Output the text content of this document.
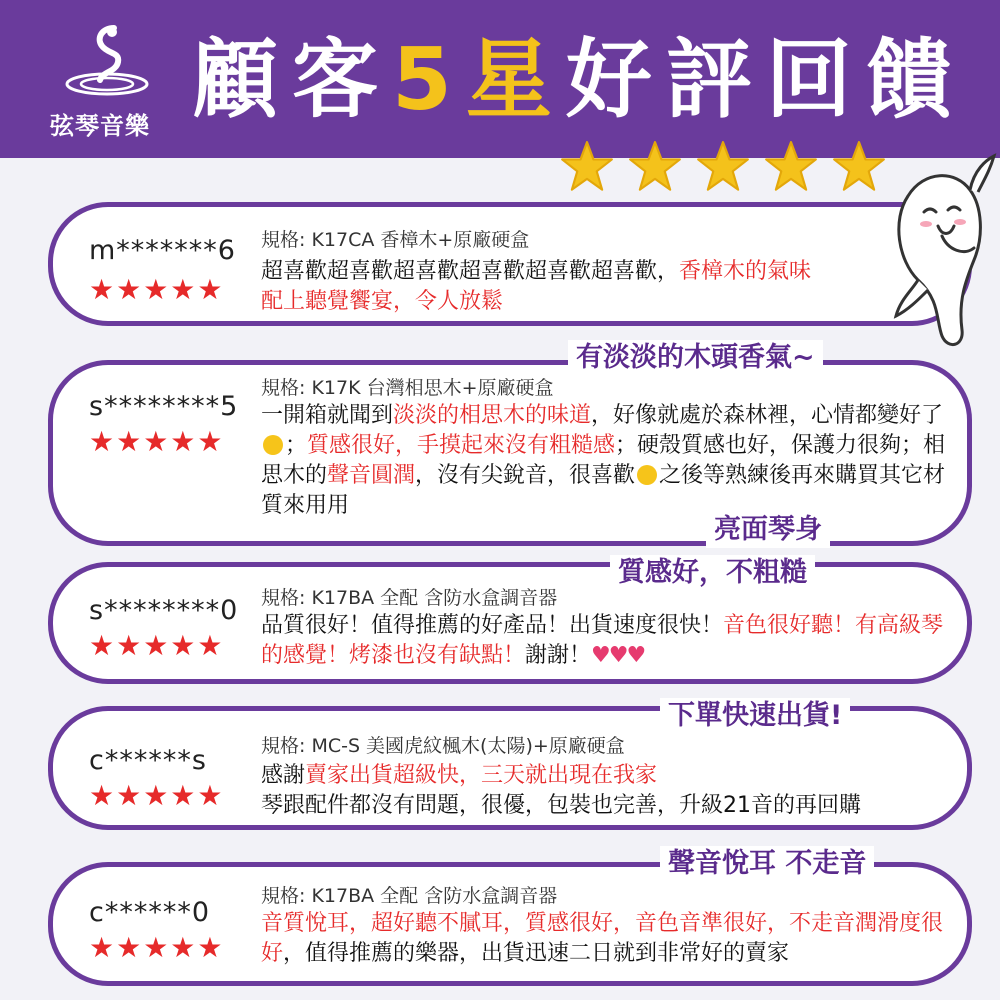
弦琴音樂 顧客5星好評回饋
m*******6
★★★★★
規格: K17CA 香樟木+原廠硬盒
超喜歡超喜歡超喜歡超喜歡超喜歡超喜歡，香樟木的氣味
配上聽覺饗宴，令人放鬆
s********5
★★★★★
規格: K17K 台灣相思木+原廠硬盒
一開箱就聞到淡淡的相思木的味道，好像就處於森林裡，心情都變好了；質感很好，手摸起來沒有粗糙感；硬殼質感也好，保護力很夠；相思木的聲音圓潤，沒有尖銳音，很喜歡 之後等熟練後再來購買其它材質來用用
有淡淡的木頭香氣~
s********0
★★★★★
規格: K17BA 全配 含防水盒調音器
品質很好！值得推薦的好產品！出貨速度很快！音色很好聽！有高級琴的感覺！烤漆也沒有缺點！謝謝！♥♥♥
亮面琴身
質感好，不粗糙
c******s
★★★★★
規格: MC-S 美國虎紋楓木(太陽)+原廠硬盒
感謝賣家出貨超級快，三天就出現在我家
琴跟配件都沒有問題，很優，包裝也完善，升級21音的再回購
下單快速出貨!
c******0
★★★★★
規格: K17BA 全配 含防水盒調音器
音質悅耳，超好聽不膩耳，質感很好，音色音準很好，不走音潤滑度很好，值得推薦的樂器，出貨迅速二日就到非常好的賣家
聲音悅耳 不走音
